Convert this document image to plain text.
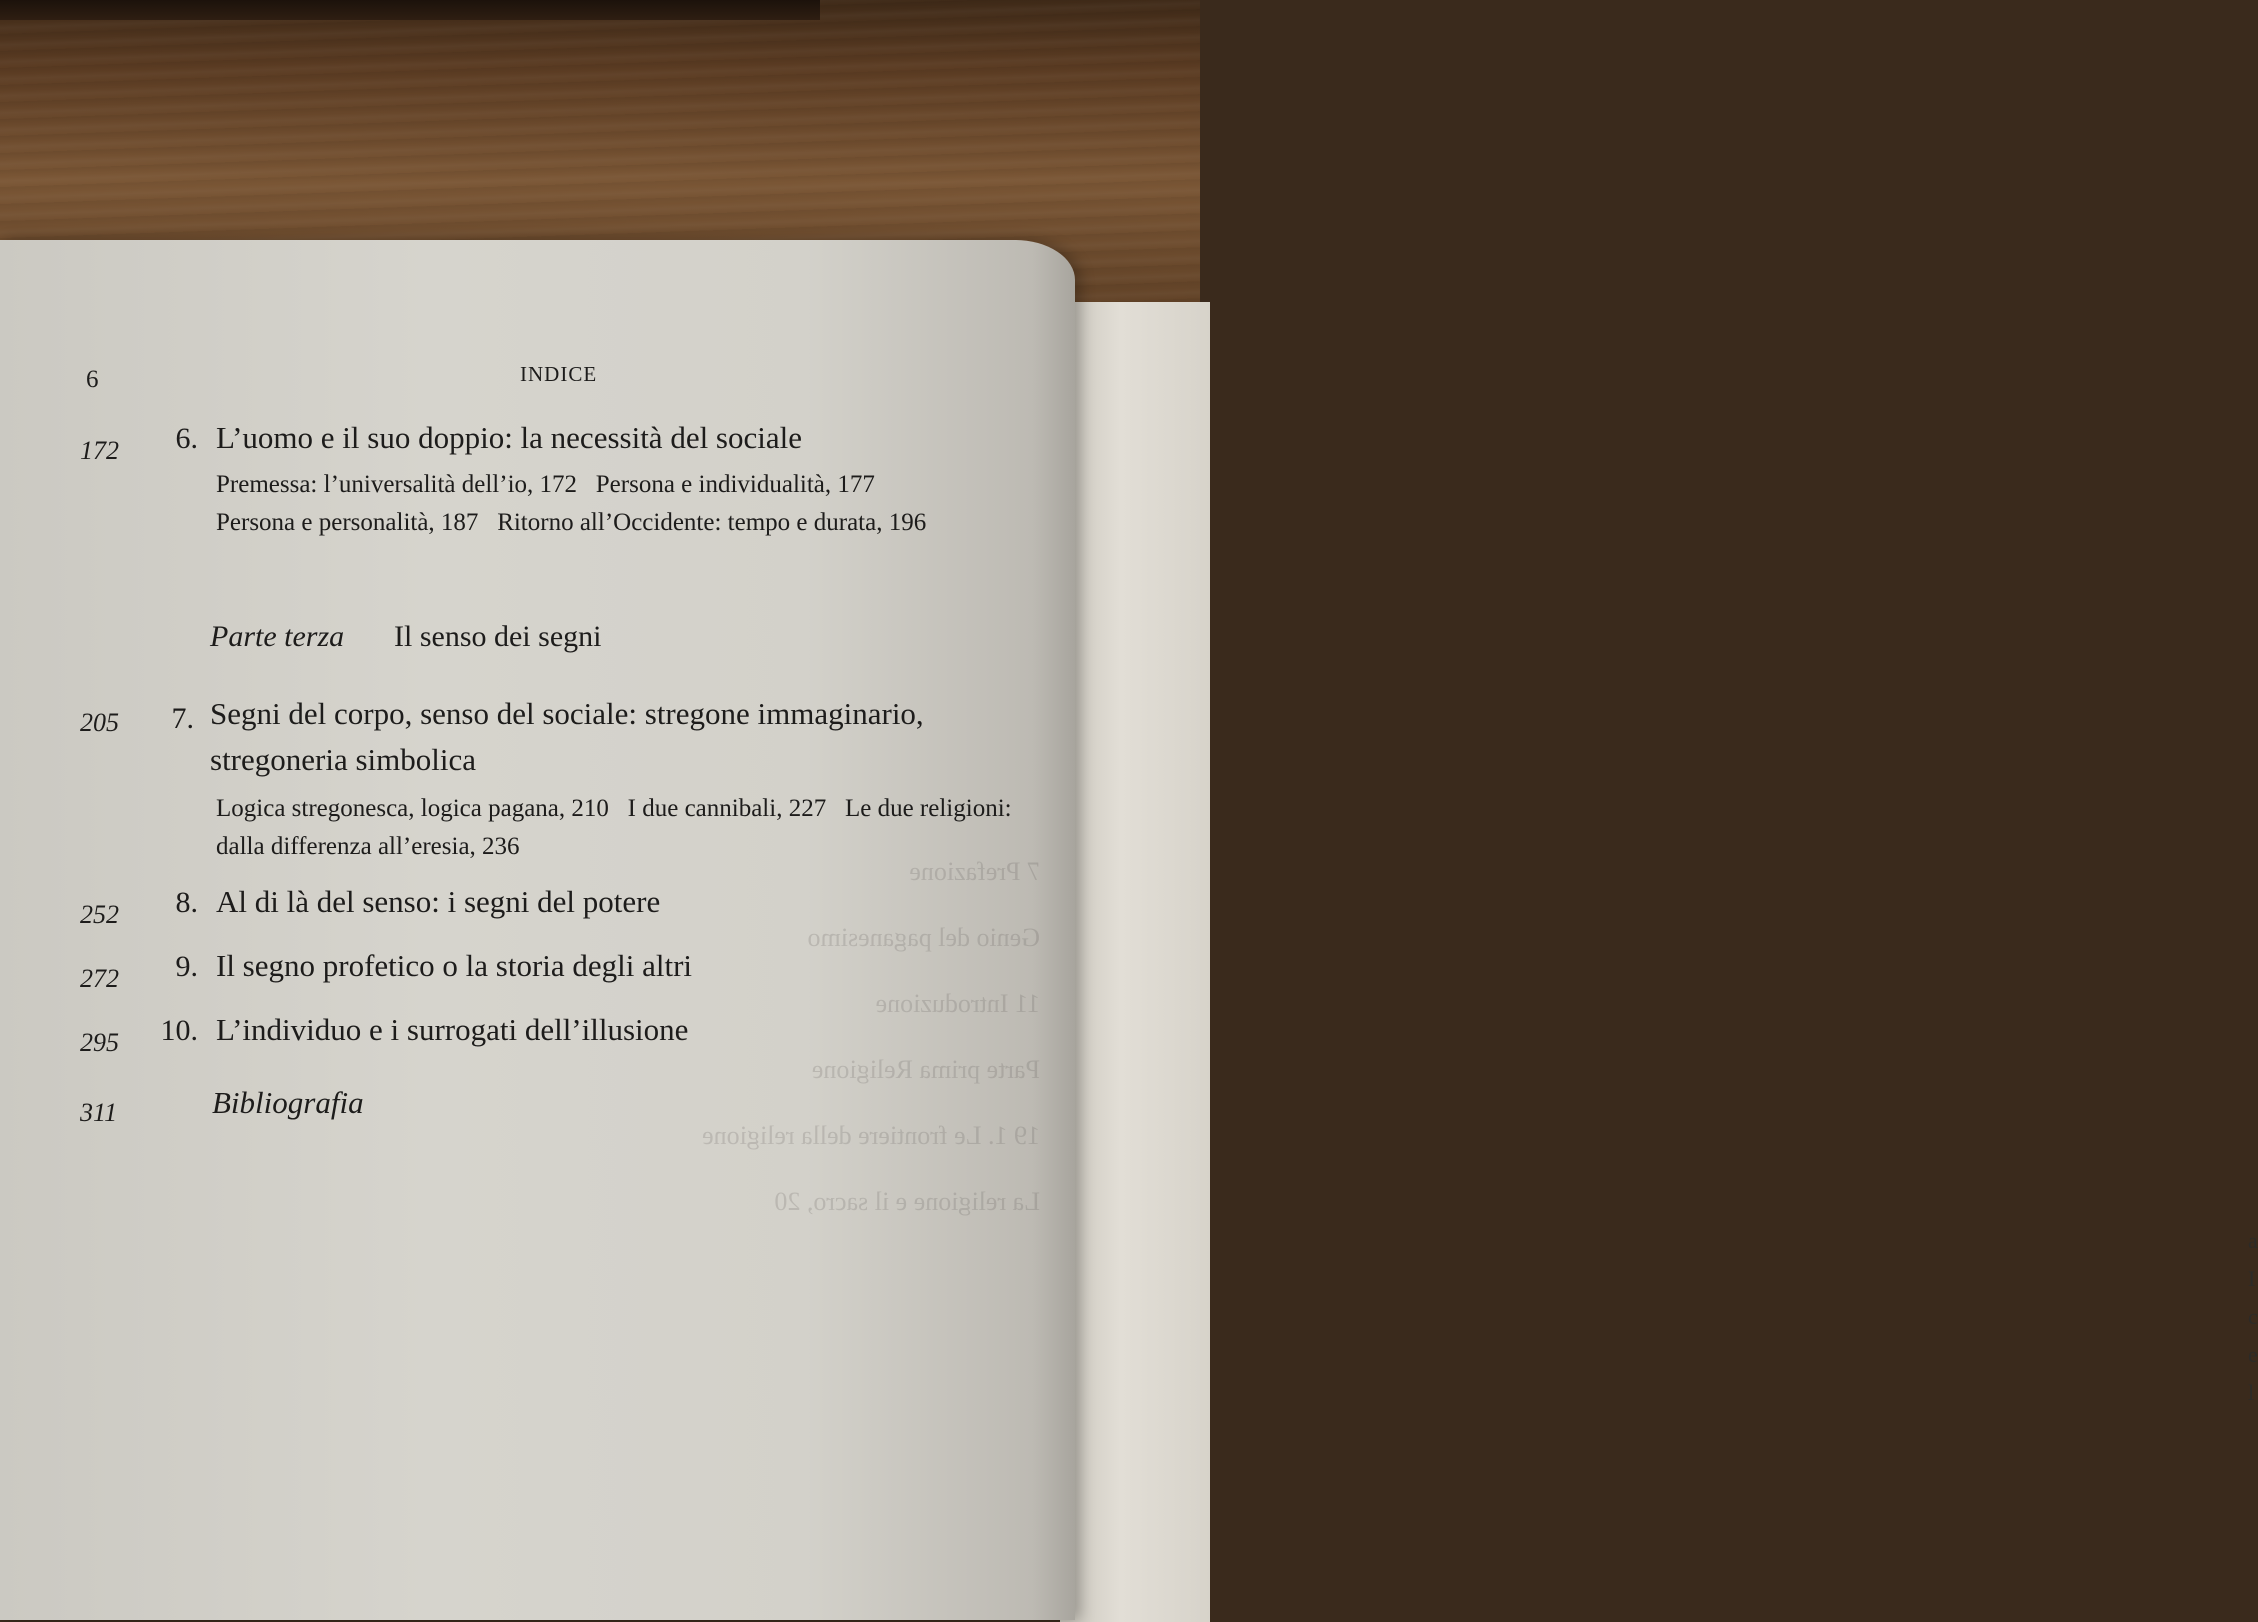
a
I
c
e
l

7 Prefazione

Genio del paganesimo

11 Introduzione

Parte prima Religione

19 1. Le frontiere della religione

La religione e il sacro, 20

6	INDICE
172	6. L’uomo e il suo doppio: la necessità del sociale
Premessa: l’universalità dell’io, 172 Persona e individualità, 177 Persona e personalità, 187 Ritorno all’Occidente: tempo e durata, 196
Parte terza Il senso dei segni
205	7. Segni del corpo, senso del sociale: stregone immaginario,
stregoneria simbolica
Logica stregonesca, logica pagana, 210 I due cannibali, 227 Le due religioni: dalla differenza all’eresia, 236
252	8. Al di là del senso: i segni del potere
272	9. Il segno profetico o la storia degli altri
295	10. L’individuo e i surrogati dell’illusione
311	Bibliografia
